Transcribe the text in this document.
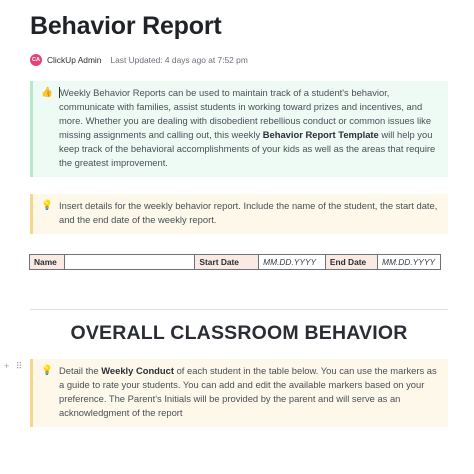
Behavior Report
CA ClickUp Admin Last Updated: 4 days ago at 7:52 pm
👍 Weekly Behavior Reports can be used to maintain track of a student's behavior, communicate with families, assist students in working toward prizes and incentives, and more. Whether you are dealing with disobedient rebellious conduct or common issues like missing assignments and calling out, this weekly Behavior Report Template will help you keep track of the behavioral accomplishments of your kids as well as the areas that require the greatest improvement.
💡 Insert details for the weekly behavior report. Include the name of the student, the start date, and the end date of the weekly report.
Name		Start Date	MM.DD.YYYY	End Date	MM.DD.YYYY
OVERALL CLASSROOM BEHAVIOR
+ ⠿ 💡 Detail the Weekly Conduct of each student in the table below. You can use the markers as a guide to rate your students. You can add and edit the available markers based on your preference. The Parent's Initials will be provided by the parent and will serve as an acknowledgment of the report
